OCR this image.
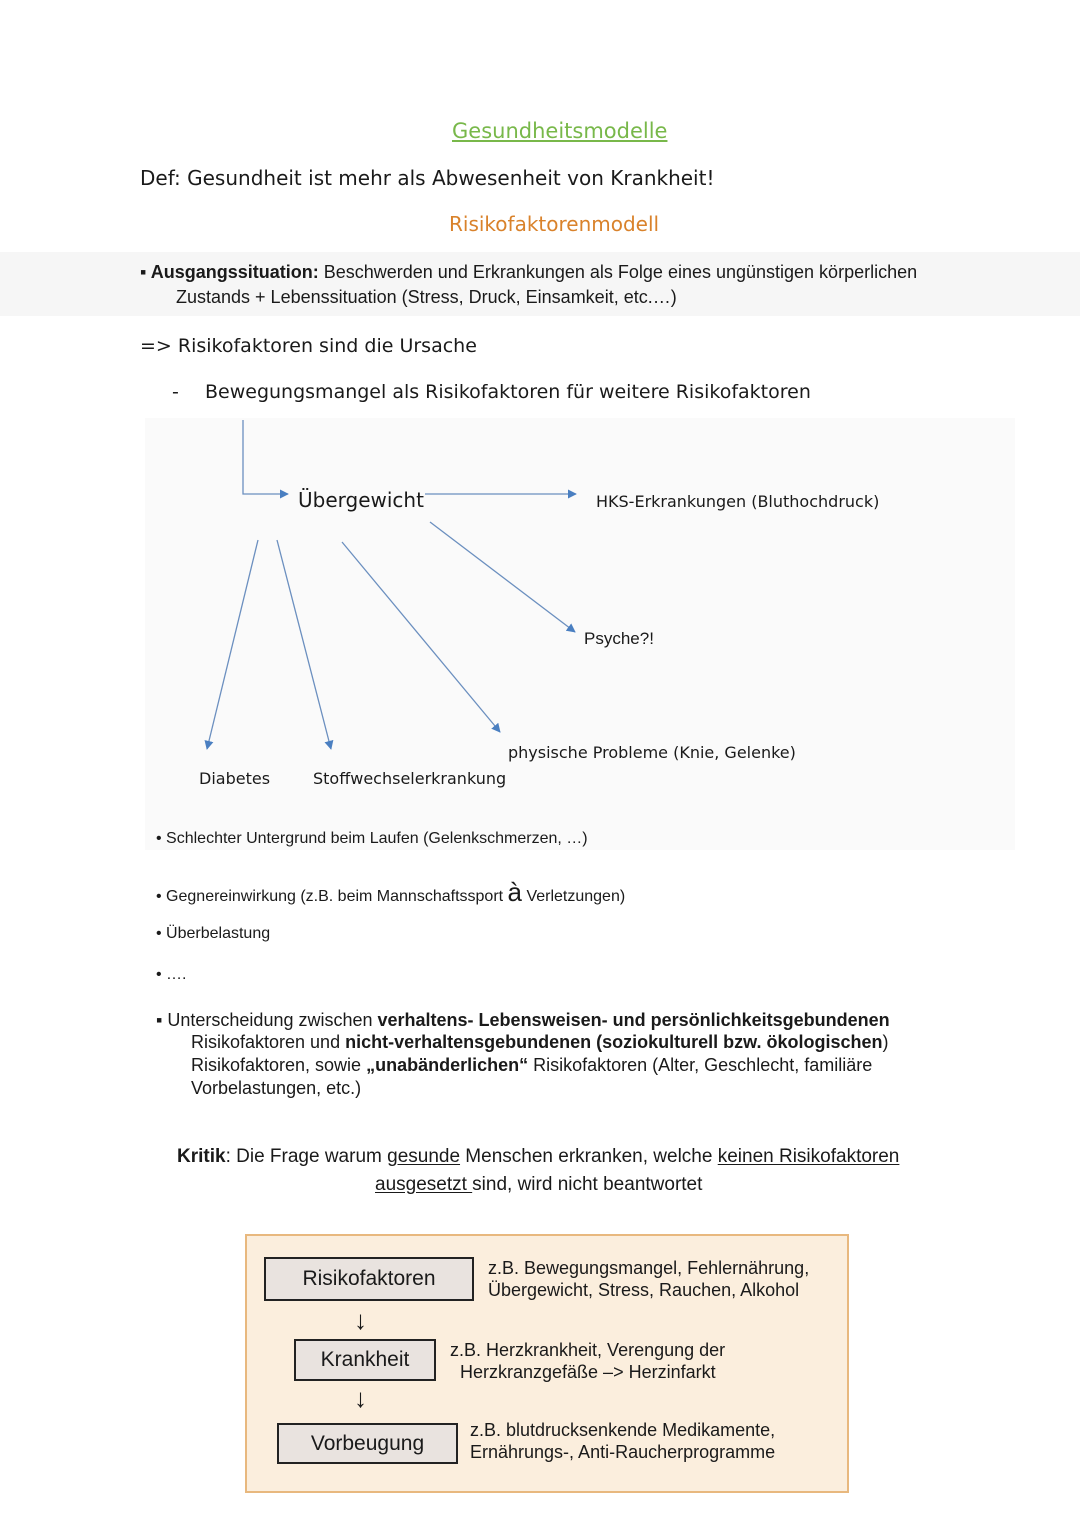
Gesundheitsmodelle
Def: Gesundheit ist mehr als Abwesenheit von Krankheit!
Risikofaktorenmodell
▪ Ausgangssituation: Beschwerden und Erkrankungen als Folge eines ungünstigen körperlichen
Zustands + Lebenssituation (Stress, Druck, Einsamkeit, etc.…)
=> Risikofaktoren sind die Ursache
- Bewegungsmangel als Risikofaktoren für weitere Risikofaktoren
Übergewicht	HKS-Erkrankungen (Bluthochdruck)
Psyche?!
physische Probleme (Knie, Gelenke)
Diabetes	Stoffwechselerkrankung
• Schlechter Untergrund beim Laufen (Gelenkschmerzen, …)
• Gegnereinwirkung (z.B. beim Mannschaftssport à Verletzungen)
• Überbelastung
• ….
▪ Unterscheidung zwischen verhaltens- Lebensweisen- und persönlichkeitsgebundenen
Risikofaktoren und nicht-verhaltensgebundenen (soziokulturell bzw. ökologischen)
Risikofaktoren, sowie „unabänderlichen“ Risikofaktoren (Alter, Geschlecht, familiäre
Vorbelastungen, etc.)
Kritik: Die Frage warum gesunde Menschen erkranken, welche keinen Risikofaktoren
ausgesetzt sind, wird nicht beantwortet
Risikofaktoren	z.B. Bewegungsmangel, Fehlernährung,
Übergewicht, Stress, Rauchen, Alkohol
↓
Krankheit	z.B. Herzkrankheit, Verengung der
Herzkranzgefäße –> Herzinfarkt
↓
Vorbeugung
z.B. blutdrucksenkende Medikamente,
Ernährungs-, Anti-Raucherprogramme
